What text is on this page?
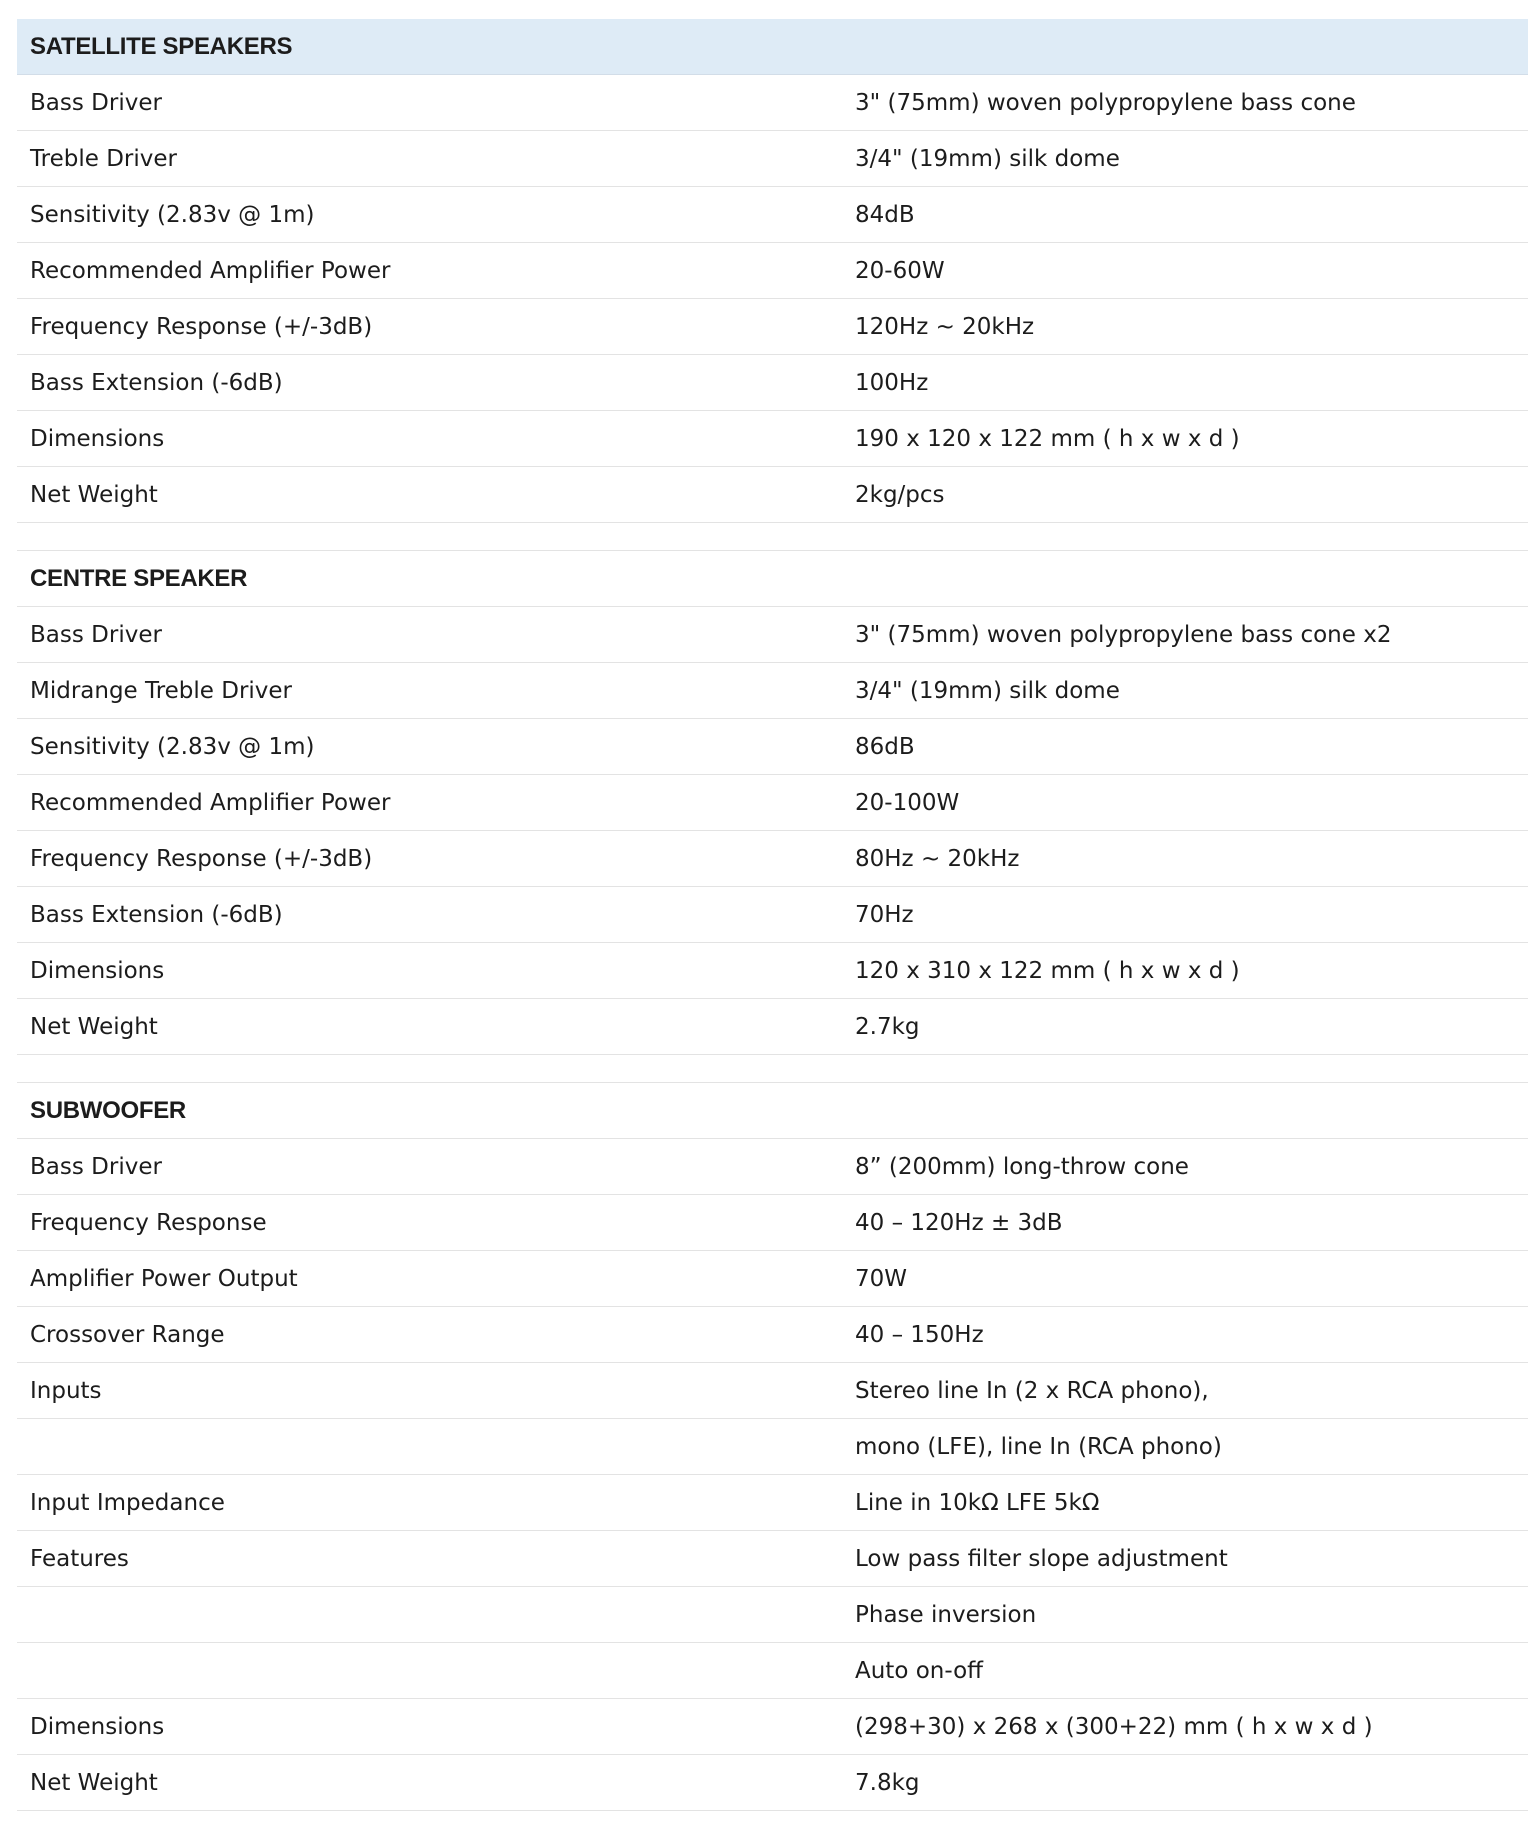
SATELLITE SPEAKERS
Bass Driver	3" (75mm) woven polypropylene bass cone
Treble Driver	3/4" (19mm) silk dome
Sensitivity (2.83v @ 1m)	84dB
Recommended Amplifier Power	20-60W
Frequency Response (+/-3dB)	120Hz ~ 20kHz
Bass Extension (-6dB)	100Hz
Dimensions	190 x 120 x 122 mm ( h x w x d )
Net Weight	2kg/pcs
CENTRE SPEAKER
Bass Driver	3" (75mm) woven polypropylene bass cone x2
Midrange Treble Driver	3/4" (19mm) silk dome
Sensitivity (2.83v @ 1m)	86dB
Recommended Amplifier Power	20-100W
Frequency Response (+/-3dB)	80Hz ~ 20kHz
Bass Extension (-6dB)	70Hz
Dimensions	120 x 310 x 122 mm ( h x w x d )
Net Weight	2.7kg
SUBWOOFER
Bass Driver	8” (200mm) long-throw cone
Frequency Response	40 – 120Hz ± 3dB
Amplifier Power Output	70W
Crossover Range	40 – 150Hz
Inputs	Stereo line In (2 x RCA phono),
mono (LFE), line In (RCA phono)
Input Impedance	Line in 10kΩ LFE 5kΩ
Features	Low pass filter slope adjustment
Phase inversion
Auto on-off
Dimensions	(298+30) x 268 x (300+22) mm ( h x w x d )
Net Weight	7.8kg
